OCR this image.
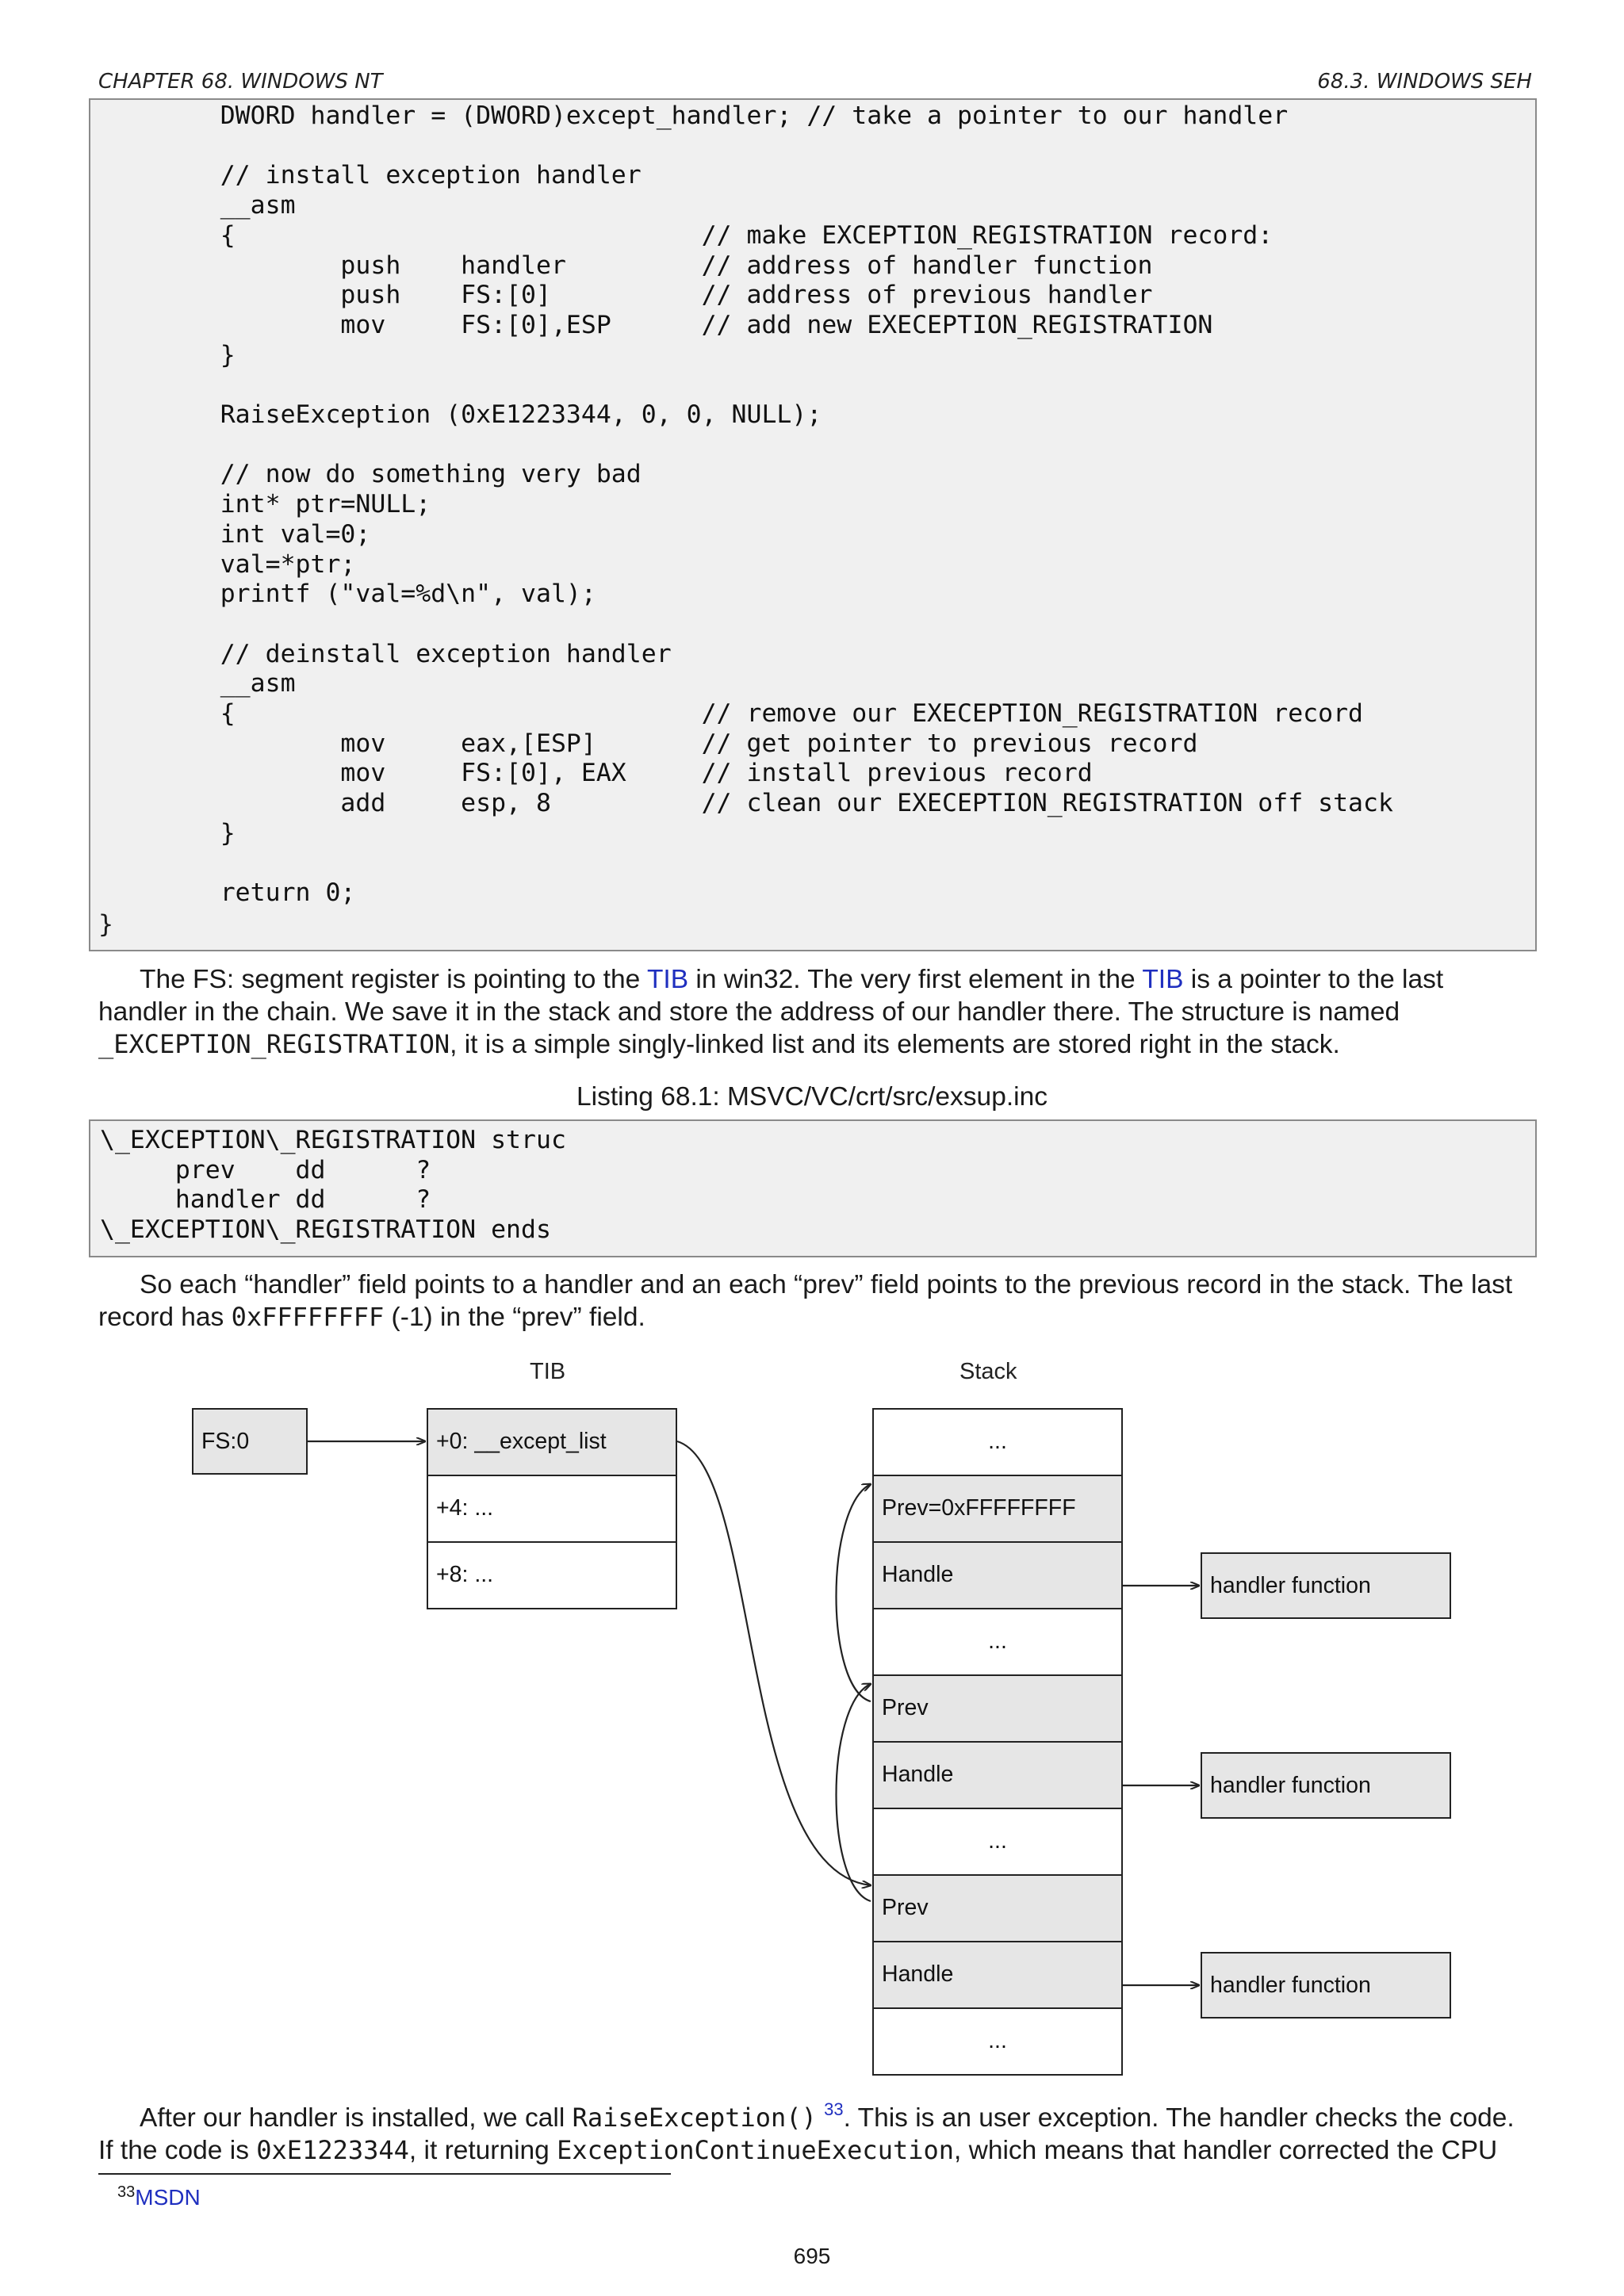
CHAPTER 68. WINDOWS NT	68.3. WINDOWS SEH
DWORD handler = (DWORD)except_handler; // take a pointer to our handler

// install exception handler
__asm
{                               // make EXCEPTION_REGISTRATION record:
push    handler         // address of handler function
push    FS:[0]          // address of previous handler
mov     FS:[0],ESP      // add new EXECEPTION_REGISTRATION
}

RaiseException (0xE1223344, 0, 0, NULL);

// now do something very bad
int* ptr=NULL;
int val=0;
val=*ptr;
printf ("val=%d\n", val);

// deinstall exception handler
__asm
{                               // remove our EXECEPTION_REGISTRATION record
mov     eax,[ESP]       // get pointer to previous record
mov     FS:[0], EAX     // install previous record
add     esp, 8          // clean our EXECEPTION_REGISTRATION off stack
}

return 0;
}
The FS: segment register is pointing to the TIB in win32. The very first element in the TIB is a pointer to the last handler in the chain. We save it in the stack and store the address of our handler there. The structure is named _EXCEPTION_REGISTRATION, it is a simple singly-linked list and its elements are stored right in the stack.
Listing 68.1: MSVC/VC/crt/src/exsup.inc
\_EXCEPTION\_REGISTRATION struc
prev    dd      ?
handler dd      ?
\_EXCEPTION\_REGISTRATION ends
So each “handler” field points to a handler and an each “prev” field points to the previous record in the stack. The last record has 0xFFFFFFFF (-1) in the “prev” field.
TIB	Stack
FS:0	+0: __except_list
+4: ...
+8: ...
...
Prev=0xFFFFFFFF
Handle
...
Prev
Handle
...
Prev
Handle
...
handler function
handler function
handler function
After our handler is installed, we call RaiseException() $^{33}$. This is an user exception. The handler checks the code. If the code is 0xE1223344, it returning ExceptionContinueExecution, which means that handler corrected the CPU
$^{33}$MSDN
695
